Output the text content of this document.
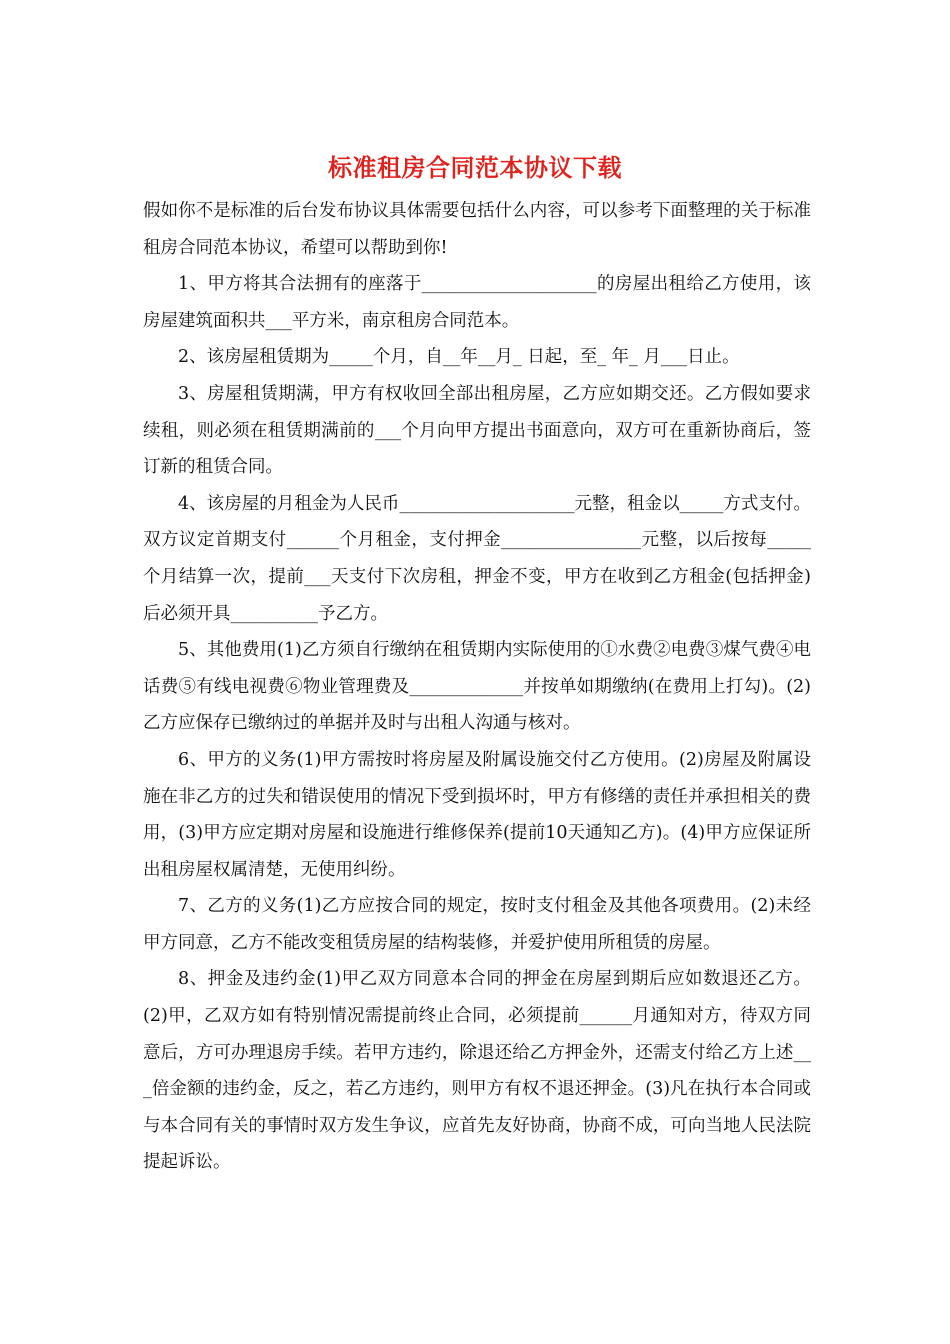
标准租房合同范本协议下载

假如你不是标准的后台发布协议具体需要包括什么内容，可以参考下面整理的关于标准租房合同范本协议，希望可以帮助到你!

1、甲方将其合法拥有的座落于____________________的房屋出租给乙方使用，该房屋建筑面积共___平方米，南京租房合同范本。

2、该房屋租赁期为_____个月，自__年__月_ 日起，至_ 年_ 月___日止。

3、房屋租赁期满，甲方有权收回全部出租房屋，乙方应如期交还。乙方假如要求续租，则必须在租赁期满前的___个月向甲方提出书面意向，双方可在重新协商后，签订新的租赁合同。

4、该房屋的月租金为人民币____________________元整，租金以_____方式支付。双方议定首期支付______个月租金，支付押金________________元整，以后按每_____个月结算一次，提前___天支付下次房租，押金不变，甲方在收到乙方租金(包括押金)后必须开具__________予乙方。

5、其他费用(1)乙方须自行缴纳在租赁期内实际使用的①水费②电费③煤气费④电话费⑤有线电视费⑥物业管理费及_____________并按单如期缴纳(在费用上打勾)。(2)乙方应保存已缴纳过的单据并及时与出租人沟通与核对。

6、甲方的义务(1)甲方需按时将房屋及附属设施交付乙方使用。(2)房屋及附属设施在非乙方的过失和错误使用的情况下受到损坏时，甲方有修缮的责任并承担相关的费用，(3)甲方应定期对房屋和设施进行维修保养(提前10天通知乙方)。(4)甲方应保证所出租房屋权属清楚，无使用纠纷。

7、乙方的义务(1)乙方应按合同的规定，按时支付租金及其他各项费用。(2)未经甲方同意，乙方不能改变租赁房屋的结构装修，并爱护使用所租赁的房屋。

8、押金及违约金(1)甲乙双方同意本合同的押金在房屋到期后应如数退还乙方。(2)甲，乙双方如有特别情况需提前终止合同，必须提前______月通知对方，待双方同意后，方可办理退房手续。若甲方违约，除退还给乙方押金外，还需支付给乙方上述___倍金额的违约金，反之，若乙方违约，则甲方有权不退还押金。(3)凡在执行本合同或与本合同有关的事情时双方发生争议，应首先友好协商，协商不成，可向当地人民法院提起诉讼。
